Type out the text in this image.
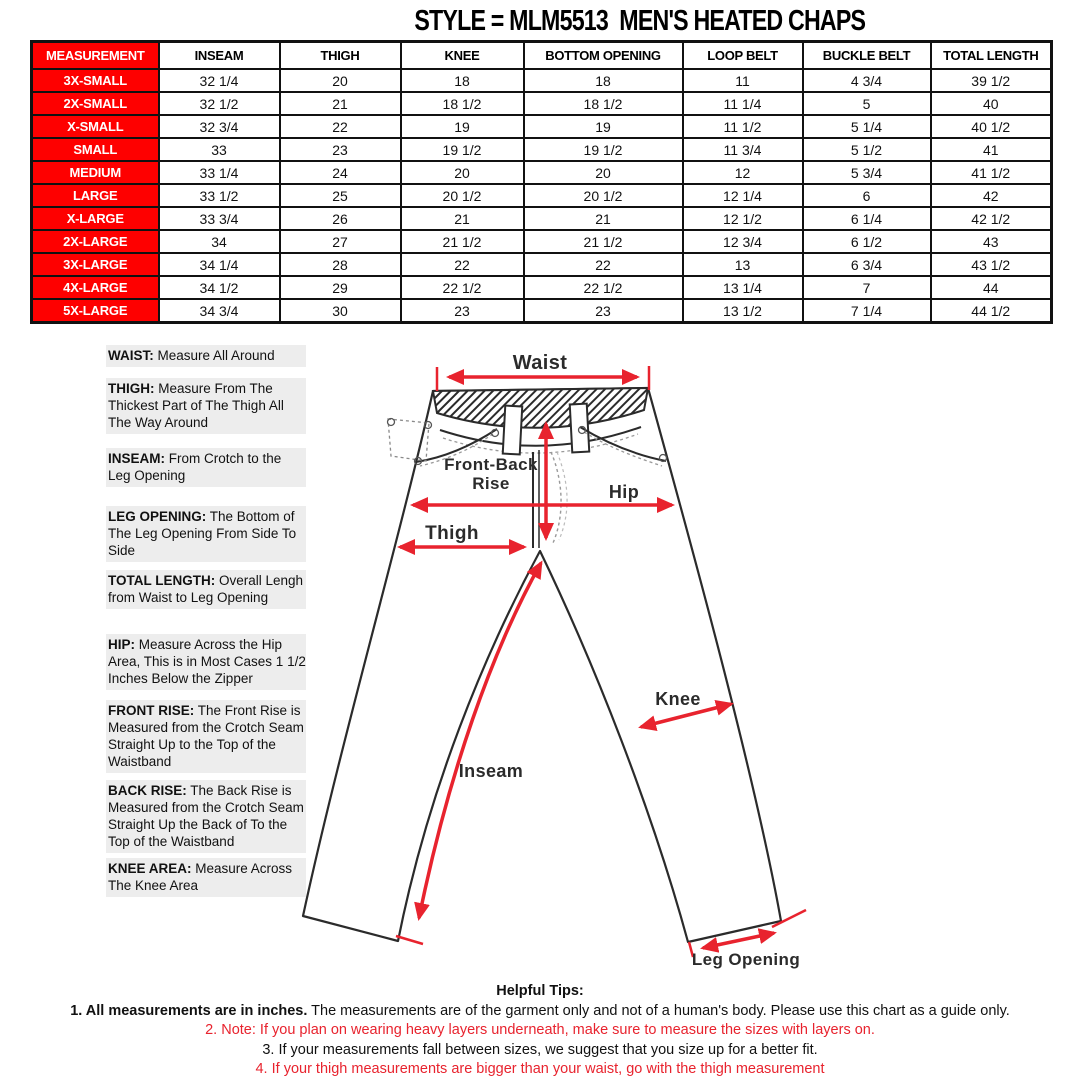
STYLE = MLM5513  MEN'S HEATED CHAPS
MEASUREMENT	INSEAM	THIGH	KNEE	BOTTOM OPENING	LOOP BELT	BUCKLE BELT	TOTAL LENGTH
3X-SMALL	32 1/4	20	18	18	11	4 3/4	39 1/2
2X-SMALL	32 1/2	21	18 1/2	18 1/2	11 1/4	5	40
X-SMALL	32 3/4	22	19	19	11 1/2	5 1/4	40 1/2
SMALL	33	23	19 1/2	19 1/2	11 3/4	5 1/2	41
MEDIUM	33 1/4	24	20	20	12	5 3/4	41 1/2
LARGE	33 1/2	25	20 1/2	20 1/2	12 1/4	6	42
X-LARGE	33 3/4	26	21	21	12 1/2	6 1/4	42 1/2
2X-LARGE	34	27	21 1/2	21 1/2	12 3/4	6 1/2	43
3X-LARGE	34 1/4	28	22	22	13	6 3/4	43 1/2
4X-LARGE	34 1/2	29	22 1/2	22 1/2	13 1/4	7	44
5X-LARGE	34 3/4	30	23	23	13 1/2	7 1/4	44 1/2
WAIST: Measure All Around
THIGH: Measure From The Thickest Part of The Thigh All The Way Around
INSEAM: From Crotch to the Leg Opening
LEG OPENING: The Bottom of The Leg Opening From Side To Side
TOTAL LENGTH: Overall Lengh from Waist to Leg Opening
HIP: Measure Across the Hip Area, This is in Most Cases 1 1/2 Inches Below the Zipper
FRONT RISE: The Front Rise is Measured from the Crotch Seam Straight Up to the Top of the Waistband
BACK RISE: The Back Rise is Measured from the Crotch Seam Straight Up the Back of To the Top of the Waistband
KNEE AREA: Measure Across The Knee Area
Waist
Front-Back
Rise	Hip
Thigh
Inseam
Knee
Leg Opening
Helpful Tips:
1. All measurements are in inches. The measurements are of the garment only and not of a human's body. Please use this chart as a guide only.
2. Note: If you plan on wearing heavy layers underneath, make sure to measure the sizes with layers on.
3. If your measurements fall between sizes, we suggest that you size up for a better fit.
4. If your thigh measurements are bigger than your waist, go with the thigh measurement
